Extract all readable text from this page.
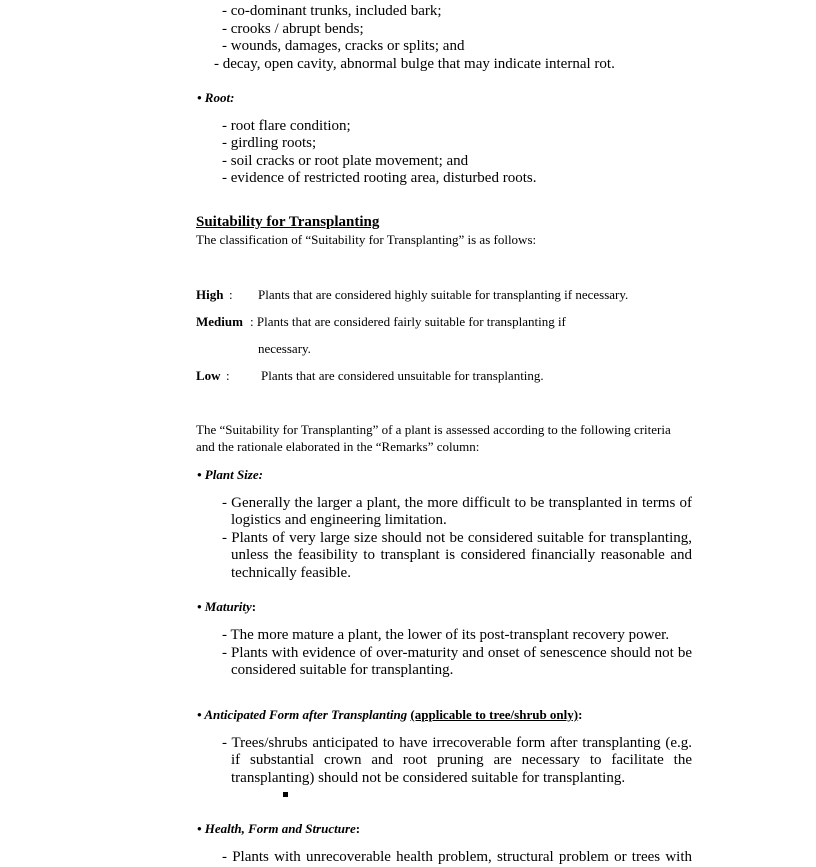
- co-dominant trunks, included bark;
- crooks / abrupt bends;
- wounds, damages, cracks or splits; and
- decay, open cavity, abnormal bulge that may indicate internal rot.
• Root:
- root flare condition;
- girdling roots;
- soil cracks or root plate movement; and
- evidence of restricted rooting area, disturbed roots.
Suitability for Transplanting
The classification of “Suitability for Transplanting” is as follows:
High : Plants that are considered highly suitable for transplanting if necessary.
Medium : Plants that are considered fairly suitable for transplanting if
necessary.
Low : Plants that are considered unsuitable for transplanting.
The “Suitability for Transplanting” of a plant is assessed according to the following criteria
and the rationale elaborated in the “Remarks” column:
• Plant Size:
- Generally the larger a plant, the more difficult to be transplanted in terms of
logistics and engineering limitation.
- Plants of very large size should not be considered suitable for transplanting,
unless the feasibility to transplant is considered financially reasonable and
technically feasible.
• Maturity:
- The more mature a plant, the lower of its post-transplant recovery power.
- Plants with evidence of over-maturity and onset of senescence should not be
considered suitable for transplanting.
• Anticipated Form after Transplanting (applicable to tree/shrub only):
- Trees/shrubs anticipated to have irrecoverable form after transplanting (e.g.
if substantial crown and root pruning are necessary to facilitate the
transplanting) should not be considered suitable for transplanting.
• Health, Form and Structure:
- Plants with unrecoverable health problem, structural problem or trees with
